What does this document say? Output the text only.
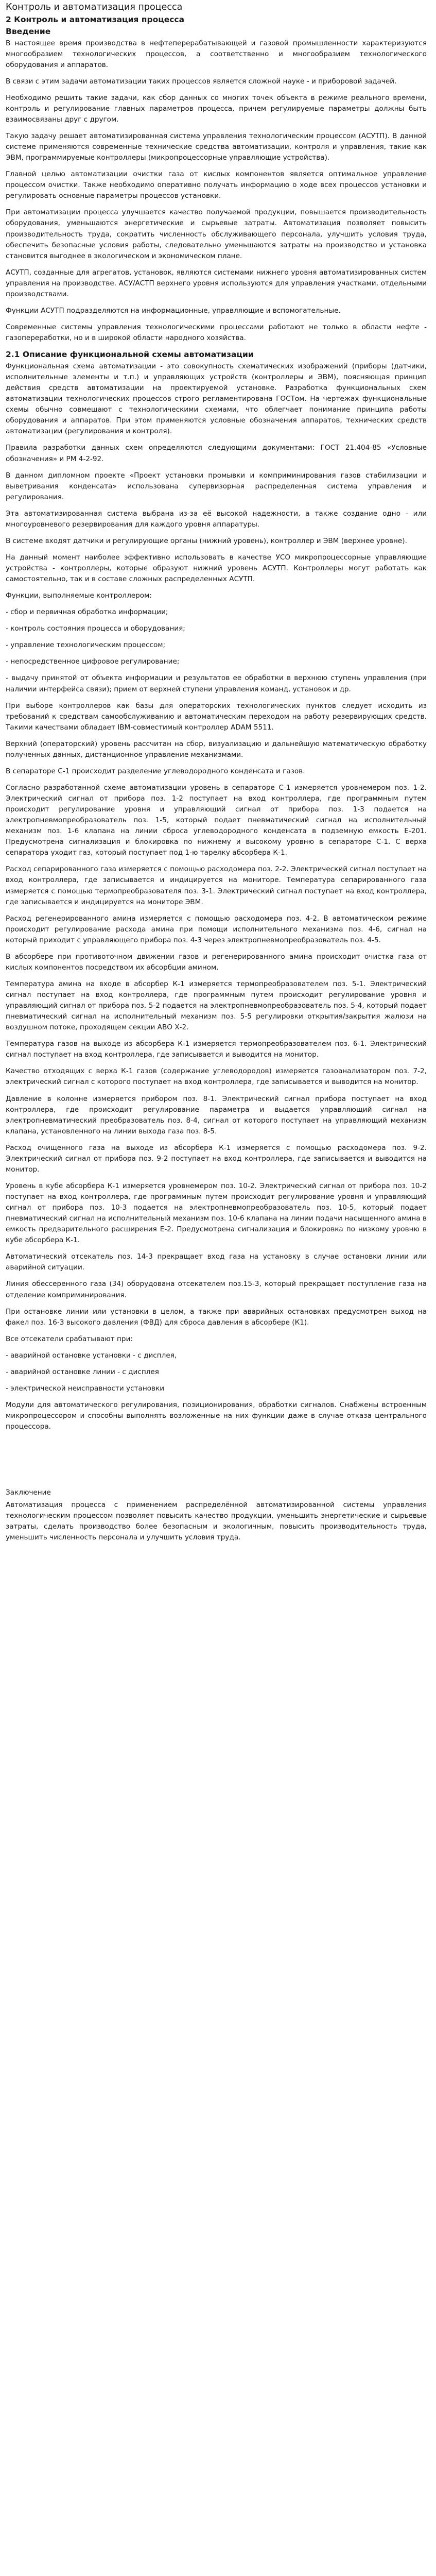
Контроль и автоматизация процесса
2 Контроль и автоматизация процесса
Введение

В настоящее время производства в нефтеперерабатывающей и газовой промышленности характеризуются многообразием технологических процессов, а соответственно и многообразием технологического оборудования и аппаратов.

В связи с этим задачи автоматизации таких процессов является сложной науке - и приборовой задачей.

Необходимо решить такие задачи, как сбор данных со многих точек объекта в режиме реального времени, контроль и регулирование главных параметров процесса, причем регулируемые параметры должны быть взаимосвязаны друг с другом.

Такую задачу решает автоматизированная система управления технологическим процессом (АСУТП). В данной системе применяются современные технические средства автоматизации, контроля и управления, такие как ЭВМ, программируемые контроллеры (микропроцессорные управляющие устройства).

Главной целью автоматизации очистки газа от кислых компонентов является оптимальное управление процессом очистки. Также необходимо оперативно получать информацию о ходе всех процессов установки и регулировать основные параметры процессов установки.

При автоматизации процесса улучшается качество получаемой продукции, повышается производительность оборудования, уменьшаются энергетические и сырьевые затраты. Автоматизация позволяет повысить производительность труда, сократить численность обслуживающего персонала, улучшить условия труда, обеспечить безопасные условия работы, следовательно уменьшаются затраты на производство и установка становится выгоднее в экологическом и экономическом плане.

АСУТП, созданные для агрегатов, установок, являются системами нижнего уровня автоматизированных систем управления на производстве. АСУ/АСТП верхнего уровня используются для управления участками, отдельными производствами.

Функции АСУТП подразделяются на информационные, управляющие и вспомогательные.

Современные системы управления технологическими процессами работают не только в области нефте - газопереработки, но и в широкой области народного хозяйства.

2.1 Описание функциональной схемы автоматизации

Функциональная схема автоматизации - это совокупность схематических изображений (приборы (датчики, исполнительные элементы и т.п.) и управляющих устройств (контроллеры и ЭВМ), поясняющая принцип действия средств автоматизации на проектируемой установке. Разработка функциональных схем автоматизации технологических процессов строго регламентирована ГОСТом. На чертежах функциональные схемы обычно совмещают с технологическими схемами, что облегчает понимание принципа работы оборудования и аппаратов. При этом применяются условные обозначения аппаратов, технических средств автоматизации (регулирования и контроля).

Правила разработки данных схем определяются следующими документами: ГОСТ 21.404-85 «Условные обозначения» и РМ 4-2-92.

В данном дипломном проекте «Проект установки промывки и комприминирования газов стабилизации и выветривания конденсата» использована супервизорная распределенная система управления и регулирования.

Эта автоматизированная система выбрана из-за её высокой надежности, а также создание одно - или многоуровневого резервирования для каждого уровня аппаратуры.

В системе входят датчики и регулирующие органы (нижний уровень), контроллер и ЭВМ (верхнее уровне).

На данный момент наиболее эффективно использовать в качестве УСО микропроцессорные управляющие устройства - контроллеры, которые образуют нижний уровень АСУТП. Контроллеры могут работать как самостоятельно, так и в составе сложных распределенных АСУТП.

Функции, выполняемые контроллером:

- сбор и первичная обработка информации;

- контроль состояния процесса и оборудования;

- управление технологическим процессом;

- непосредственное цифровое регулирование;

- выдачу принятой от объекта информации и результатов ее обработки в верхнюю ступень управления (при наличии интерфейса связи); прием от верхней ступени управления команд, установок и др.

При выборе контроллеров как базы для операторских технологических пунктов следует исходить из требований к средствам самообслуживанию и автоматическим переходом на работу резервирующих средств. Такими качествами обладает IBM-совместимый контроллер ADAM 5511.

Верхний (операторский) уровень рассчитан на сбор, визуализацию и дальнейшую математическую обработку полученных данных, дистанционное управление механизмами.

В сепараторе С-1 происходит разделение углеводородного конденсата и газов.

Согласно разработанной схеме автоматизации уровень в сепараторе С-1 измеряется уровнемером поз. 1-2. Электрический сигнал от прибора поз. 1-2 поступает на вход контроллера, где программным путем происходит регулирование уровня и управляющий сигнал от прибора поз. 1-3 подается на электропневмопреобразователь поз. 1-5, который подает пневматический сигнал на исполнительный механизм поз. 1-6 клапана на линии сброса углеводородного конденсата в подземную емкость Е-201. Предусмотрена сигнализация и блокировка по нижнему и высокому уровню в сепараторе С-1. С верха сепаратора уходит газ, который поступает под 1-ю тарелку абсорбера К-1.

Расход сепарированного газа измеряется с помощью расходомера поз. 2-2. Электрический сигнал поступает на вход контроллера, где записывается и индицируется на мониторе. Температура сепарированного газа измеряется с помощью термопреобразователя поз. 3-1. Электрический сигнал поступает на вход контроллера, где записывается и индицируется на мониторе ЭВМ.

Расход регенерированного амина измеряется с помощью расходомера поз. 4-2. В автоматическом режиме происходит регулирование расхода амина при помощи исполнительного механизма поз. 4-6, сигнал на который приходит с управляющего прибора поз. 4-3 через электропневмопреобразователь поз. 4-5.

В абсорбере при противоточном движении газов и регенерированного амина происходит очистка газа от кислых компонентов посредством их абсорбции амином.

Температура амина на входе в абсорбер К-1 измеряется термопреобразователем поз. 5-1. Электрический сигнал поступает на вход контроллера, где программным путем происходит регулирование уровня и управляющий сигнал от прибора поз. 5-2 подается на электропневмопреобразователь поз. 5-4, который подает пневматический сигнал на исполнительный механизм поз. 5-5 регулировки открытия/закрытия жалюзи на воздушном потоке, проходящем секции АВО Х-2.

Температура газов на выходе из абсорбера К-1 измеряется термопреобразователем поз. 6-1. Электрический сигнал поступает на вход контроллера, где записывается и выводится на монитор.

Качество отходящих с верха К-1 газов (содержание углеводородов) измеряется газоанализатором поз. 7-2, электрический сигнал с которого поступает на вход контроллера, где записывается и выводится на монитор.

Давление в колонне измеряется прибором поз. 8-1. Электрический сигнал прибора поступает на вход контроллера, где происходит регулирование параметра и выдается управляющий сигнал на электропневматический преобразователь поз. 8-4, сигнал от которого поступает на управляющий механизм клапана, установленного на линии выхода газа поз. 8-5.

Расход очищенного газа на выходе из абсорбера К-1 измеряется с помощью расходомера поз. 9-2. Электрический сигнал от прибора поз. 9-2 поступает на вход контроллера, где записывается и выводится на монитор.

Уровень в кубе абсорбера К-1 измеряется уровнемером поз. 10-2. Электрический сигнал от прибора поз. 10-2 поступает на вход контроллера, где программным путем происходит регулирование уровня и управляющий сигнал от прибора поз. 10-3 подается на электропневмопреобразователь поз. 10-5, который подает пневматический сигнал на исполнительный механизм поз. 10-6 клапана на линии подачи насыщенного амина в емкость предварительного расширения Е-2. Предусмотрена сигнализация и блокировка по низкому уровню в кубе абсорбера К-1.

Автоматический отсекатель поз. 14-3 прекращает вход газа на установку в случае остановки линии или аварийной ситуации.

Линия обессеренного газа (34) оборудована отсекателем поз.15-3, который прекращает поступление газа на отделение комприминирования.

При остановке линии или установки в целом, а также при аварийных остановках предусмотрен выход на факел поз. 16-3 высокого давления (ФВД) для сброса давления в абсорбере (К1).

Все отсекатели срабатывают при:

- аварийной остановке установки - с дисплея,

- аварийной остановке линии - с дисплея

- электрической неисправности установки

Модули для автоматического регулирования, позиционирования, обработки сигналов. Снабжены встроенным микропроцессором и способны выполнять возложенные на них функции даже в случае отказа центрального процессора.

Заключение

Автоматизация процесса с применением распределённой автоматизированной системы управления технологическим процессом позволяет повысить качество продукции, уменьшить энергетические и сырьевые затраты, сделать производство более безопасным и экологичным, повысить производительность труда, уменьшить численность персонала и улучшить условия труда.
